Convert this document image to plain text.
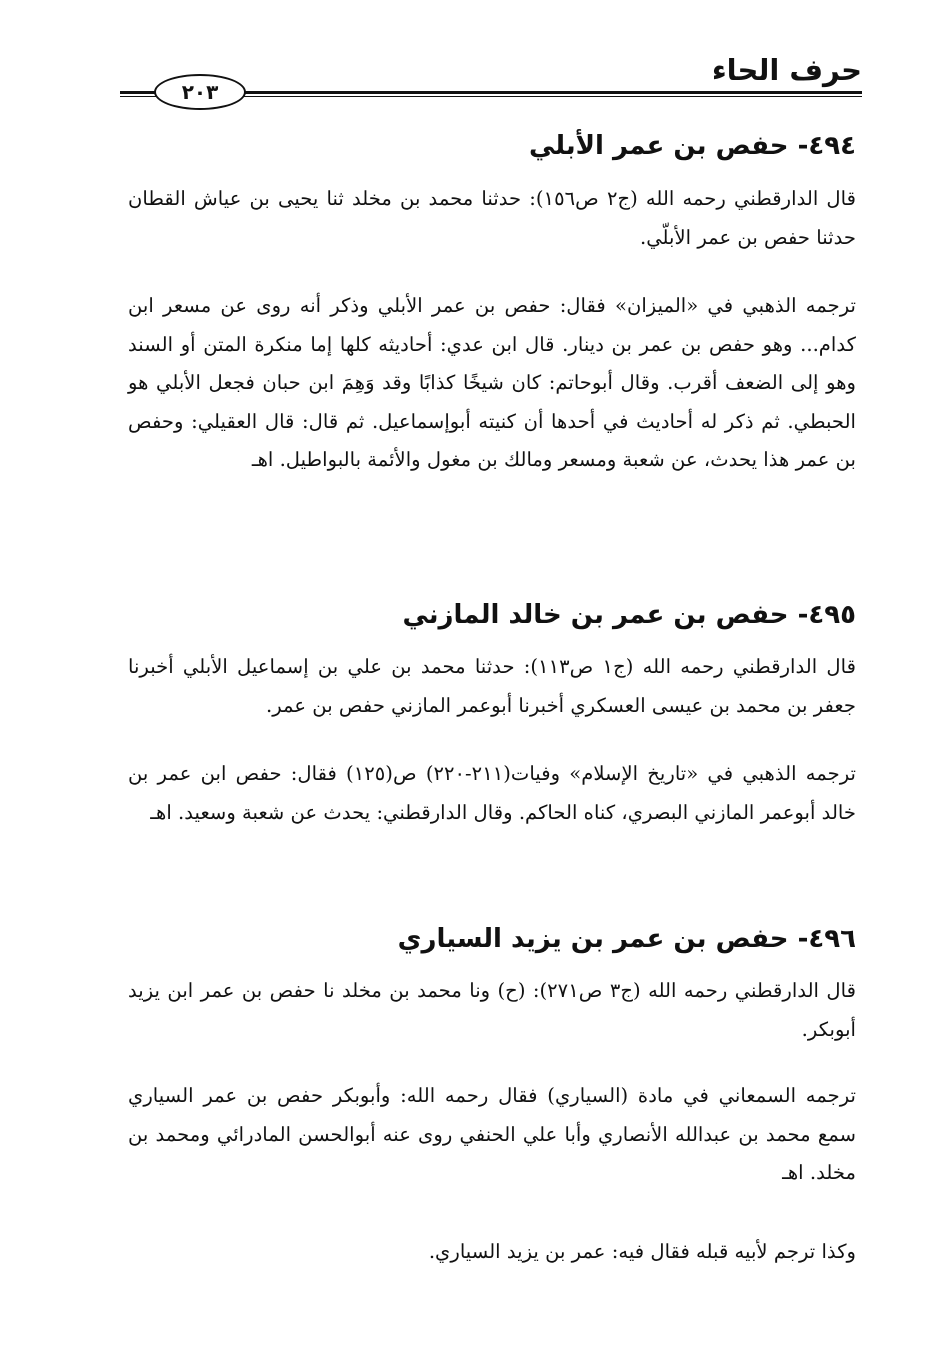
حرف الحاء
٢٠٣
٤٩٤- حفص بن عمر الأبلي

قال الدارقطني رحمه الله (ج٢ ص١٥٦): حدثنا محمد بن مخلد ثنا يحيى بن عياش القطان حدثنا حفص بن عمر الأبلّي.

ترجمه الذهبي في «الميزان» فقال: حفص بن عمر الأبلي وذكر أنه روى عن مسعر ابن كدام... وهو حفص بن عمر بن دينار. قال ابن عدي: أحاديثه كلها إما منكرة المتن أو السند وهو إلى الضعف أقرب. وقال أبوحاتم: كان شيخًا كذابًا وقد وَهِمَ ابن حبان فجعل الأبلي هو الحبطي. ثم ذكر له أحاديث في أحدها أن كنيته أبوإسماعيل. ثم قال: قال العقيلي: وحفص بن عمر هذا يحدث، عن شعبة ومسعر ومالك بن مغول والأئمة بالبواطيل. اهـ

٤٩٥- حفص بن عمر بن خالد المازني

قال الدارقطني رحمه الله (ج١ ص١١٣): حدثنا محمد بن علي بن إسماعيل الأبلي أخبرنا جعفر بن محمد بن عيسى العسكري أخبرنا أبوعمر المازني حفص بن عمر.

ترجمه الذهبي في «تاريخ الإسلام» وفيات(٢١١-٢٢٠) ص(١٢٥) فقال: حفص ابن عمر بن خالد أبوعمر المازني البصري، كناه الحاكم. وقال الدارقطني: يحدث عن شعبة وسعيد. اهـ

٤٩٦- حفص بن عمر بن يزيد السياري

قال الدارقطني رحمه الله (ج٣ ص٢٧١): (ح) ونا محمد بن مخلد نا حفص بن عمر ابن يزيد أبوبكر.

ترجمه السمعاني في مادة (السياري) فقال رحمه الله: وأبوبكر حفص بن عمر السياري سمع محمد بن عبدالله الأنصاري وأبا علي الحنفي روى عنه أبوالحسن المادرائي ومحمد بن مخلد. اهـ

وكذا ترجم لأبيه قبله فقال فيه: عمر بن يزيد السياري.
